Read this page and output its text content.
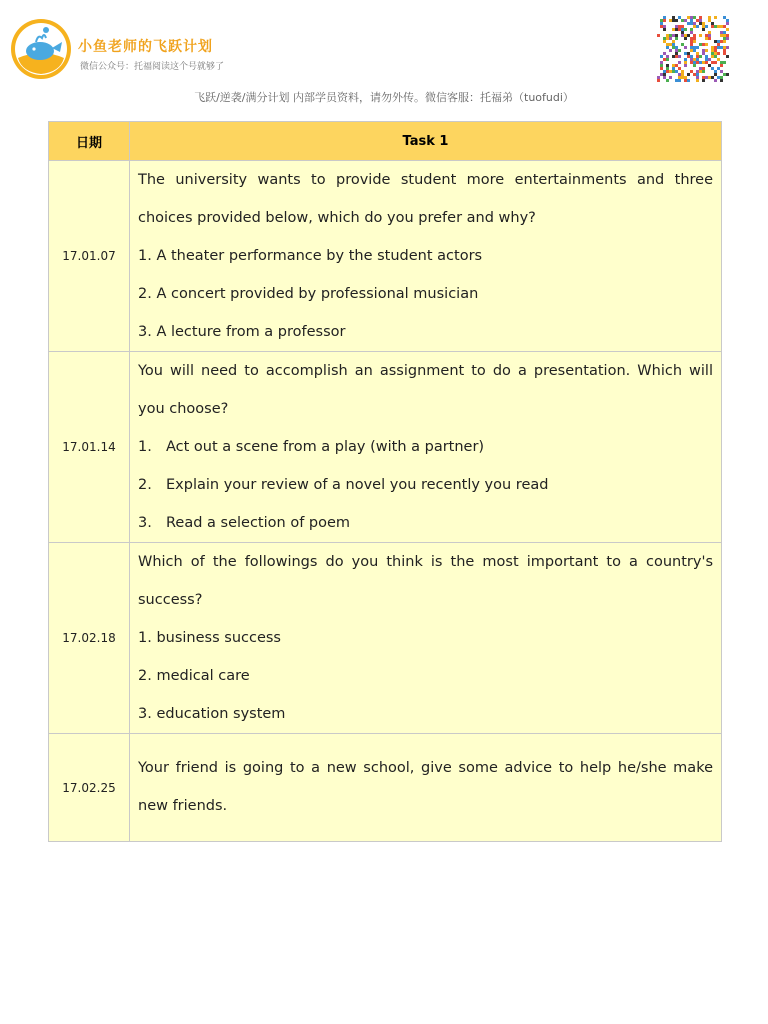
小鱼老师的飞跃计划
微信公众号：托福阅读这个号就够了
飞跃/逆袭/满分计划 内部学员资料，请勿外传。微信客服：托福弟（tuofudi）
日期	Task 1
17.01.07	The university wants to provide student more entertainments and three choices provided below, which do you prefer and why?
1. A theater performance by the student actors
2. A concert provided by professional musician
3. A lecture from a professor

17.01.14	You will need to accomplish an assignment to do a presentation. Which will you choose?
1. Act out a scene from a play (with a partner)
2. Explain your review of a novel you recently you read
3. Read a selection of poem

17.02.18	Which of the followings do you think is the most important to a country's success?
1. business success
2. medical care
3. education system

17.02.25	Your friend is going to a new school, give some advice to help he/she make new friends.
